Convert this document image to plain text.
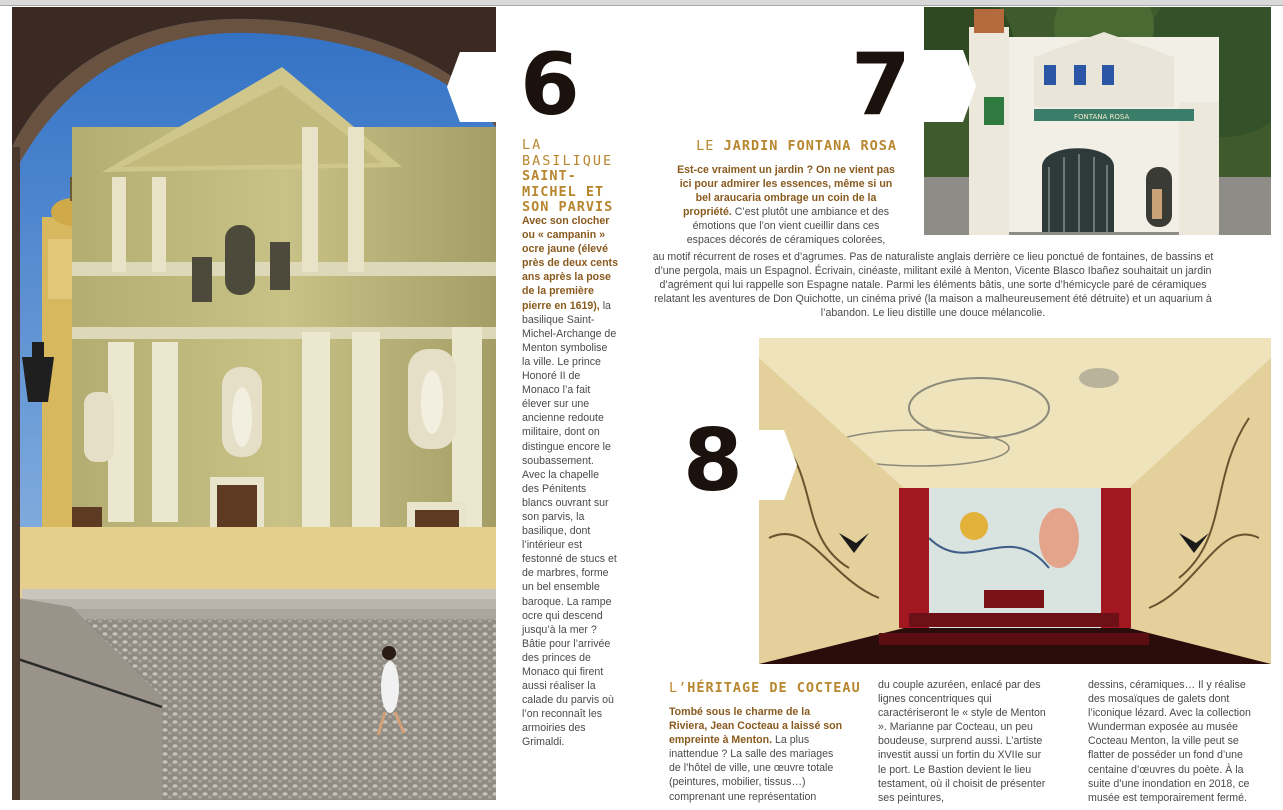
6
LA BASILIQUE
SAINT-
MICHEL ET
SON PARVIS

Avec son clocher ou « campanin » ocre jaune (élevé près de deux cents ans après la pose de la première pierre en 1619), la basilique Saint-Michel-Archange de Menton symbolise la ville. Le prince Honoré II de Monaco l’a fait élever sur une ancienne redoute militaire, dont on distingue encore le soubassement. Avec la chapelle des Pénitents blancs ouvrant sur son parvis, la basilique, dont l’intérieur est festonné de stucs et de marbres, forme un bel ensemble baroque. La rampe ocre qui descend jusqu’à la mer ? Bâtie pour l’arrivée des princes de Monaco qui firent aussi réaliser la calade du parvis où l’on reconnaît les armoiries des Grimaldi.

7
LE JARDIN FONTANA ROSA

Est-ce vraiment un jardin ? On ne vient pas ici pour admirer les essences, même si un bel araucaria ombrage un coin de la propriété. C’est plutôt une ambiance et des émotions que l’on vient cueillir dans ces espaces décorés de céramiques colorées,

au motif récurrent de roses et d’agrumes. Pas de naturaliste anglais derrière ce lieu ponctué de fontaines, de bassins et d’une pergola, mais un Espagnol. Écrivain, cinéaste, militant exilé à Menton, Vicente Blasco Ibañez souhaitait un jardin d’agrément qui lui rappelle son Espagne natale. Parmi les éléments bâtis, une sorte d’hémicycle paré de céramiques relatant les aventures de Don Quichotte, un cinéma privé (la maison a malheureusement été détruite) et un aquarium à l’abandon. Le lieu distille une douce mélancolie.

FONTANA ROSA
8
L’HÉRITAGE DE COCTEAU

Tombé sous le charme de la Riviera, Jean Cocteau a laissé son empreinte à Menton. La plus inattendue ? La salle des mariages de l’hôtel de ville, une œuvre totale (peintures, mobilier, tissus…) comprenant une représentation

du couple azuréen, enlacé par des lignes concentriques qui caractériseront le « style de Menton ». Marianne par Cocteau, un peu boudeuse, surprend aussi. L’artiste investit aussi un fortin du XVIIe sur le port. Le Bastion devient le lieu testament, où il choisit de présenter ses peintures,

dessins, céramiques… Il y réalise des mosaïques de galets dont l’iconique lézard. Avec la collection Wunderman exposée au musée Cocteau Menton, la ville peut se flatter de posséder un fond d’une centaine d’œuvres du poète. À la suite d’une inondation en 2018, ce musée est temporairement fermé.
